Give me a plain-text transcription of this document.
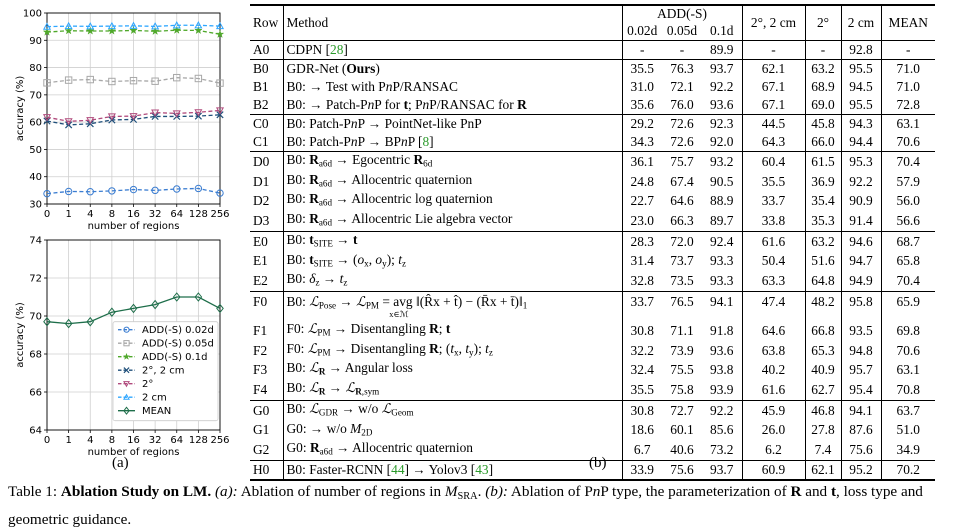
0 1 4 8 16 32 64 128 256
30
40
50
60
70
80
90
100
number of regions
accuracy (%)
0 1 4 8 16 32 64 128 256
64
66
68
70
72
74
number of regions
accuracy (%)	ADD(-S) 0.02d
ADD(-S) 0.05d
ADD(-S) 0.1d
2°, 2 cm
2°
2 cm
MEAN
(a)
Row	Method	ADD(-S)			2°, 2 cm	2°	2 cm	MEAN
		0.02d	0.05d	0.1d				
A0	CDPN [28]	-	-	89.9	-	-	92.8	-
B0	GDR-Net (Ours)	35.5	76.3	93.7	62.1	63.2	95.5	71.0
B1	B0: → Test with PnP/RANSAC	31.0	72.1	92.2	67.1	68.9	94.5	71.0
B2	B0: → Patch-PnP for t; PnP/RANSAC for R	35.6	76.0	93.6	67.1	69.0	95.5	72.8
C0	B0: Patch-PnP → PointNet-like PnP	29.2	72.6	92.3	44.5	45.8	94.3	63.1
C1	B0: Patch-PnP → BPnP [8]	34.3	72.6	92.0	64.3	66.0	94.4	70.6
D0	B0: $R_{a6d}$ → Egocentric $R_{6d}$	36.1	75.7	93.2	60.4	61.5	95.3	70.4
D1	B0: $R_{a6d}$ → Allocentric quaternion	24.8	67.4	90.5	35.5	36.9	92.2	57.9
D2	B0: $R_{a6d}$ → Allocentric log quaternion	22.7	64.6	88.9	33.7	35.4	90.9	56.0
D3	B0: $R_{a6d}$ → Allocentric Lie algebra vector	23.0	66.3	89.7	33.8	35.3	91.4	56.6
E0	B0: $t_{SITE} \to t$	28.3	72.0	92.4	61.6	63.2	94.6	68.7
E1	B0: $t_{SITE} \to (o_x$, $o_y$); $t_z$	31.4	73.7	93.3	50.4	51.6	94.7	65.8
E2	B0: $\delta_z \to t_z$	32.8	73.5	93.3	63.3	64.8	94.9	70.4
F0	B0: ℒ$_{Pose}$ → ℒ$_{PM}$ = avg
x∈ℳ
‖(R̂x + t̂) − (R̄x + $t̄)‖_1$	33.7	76.5	94.1	47.4	48.2	95.8	65.9
F1	F0: ℒ$_{PM}$ → Disentangling R; t	30.8	71.1	91.8	64.6	66.8	93.5	69.8
F2	F0: ℒ$_{PM}$ → Disentangling R; ($t_x$, $t_y$); $t_z$	32.2	73.9	93.6	63.8	65.3	94.8	70.6
F3	B0: ℒ$_R$ → Angular loss	32.4	75.5	93.8	40.2	40.9	95.7	63.1
F4	B0: ℒ$_R$ → ℒ$_{R,sym}$	35.5	75.8	93.9	61.6	62.7	95.4	70.8
G0	B0: ℒ$_{GDR}$ → w/o ℒ$_{Geom}$	30.8	72.7	92.2	45.9	46.8	94.1	63.7
G1	G0: → w/o $M_{2D}$	18.6	60.1	85.6	26.0	27.8	87.6	51.0
G2	G0: $R_{a6d}$ → Allocentric quaternion	6.7	40.6	73.2	6.2	7.4	75.6	34.9
H0	B0: Faster-RCNN [44] → Yolov3 [43]	33.9	75.6	93.7	60.9	62.1	95.2	70.2
(b)
Table 1: Ablation Study on LM. (a): Ablation of number of regions in $M_{SRA}$. (b): Ablation of PnP type, the parameterization of R and t, loss type and geometric guidance.
